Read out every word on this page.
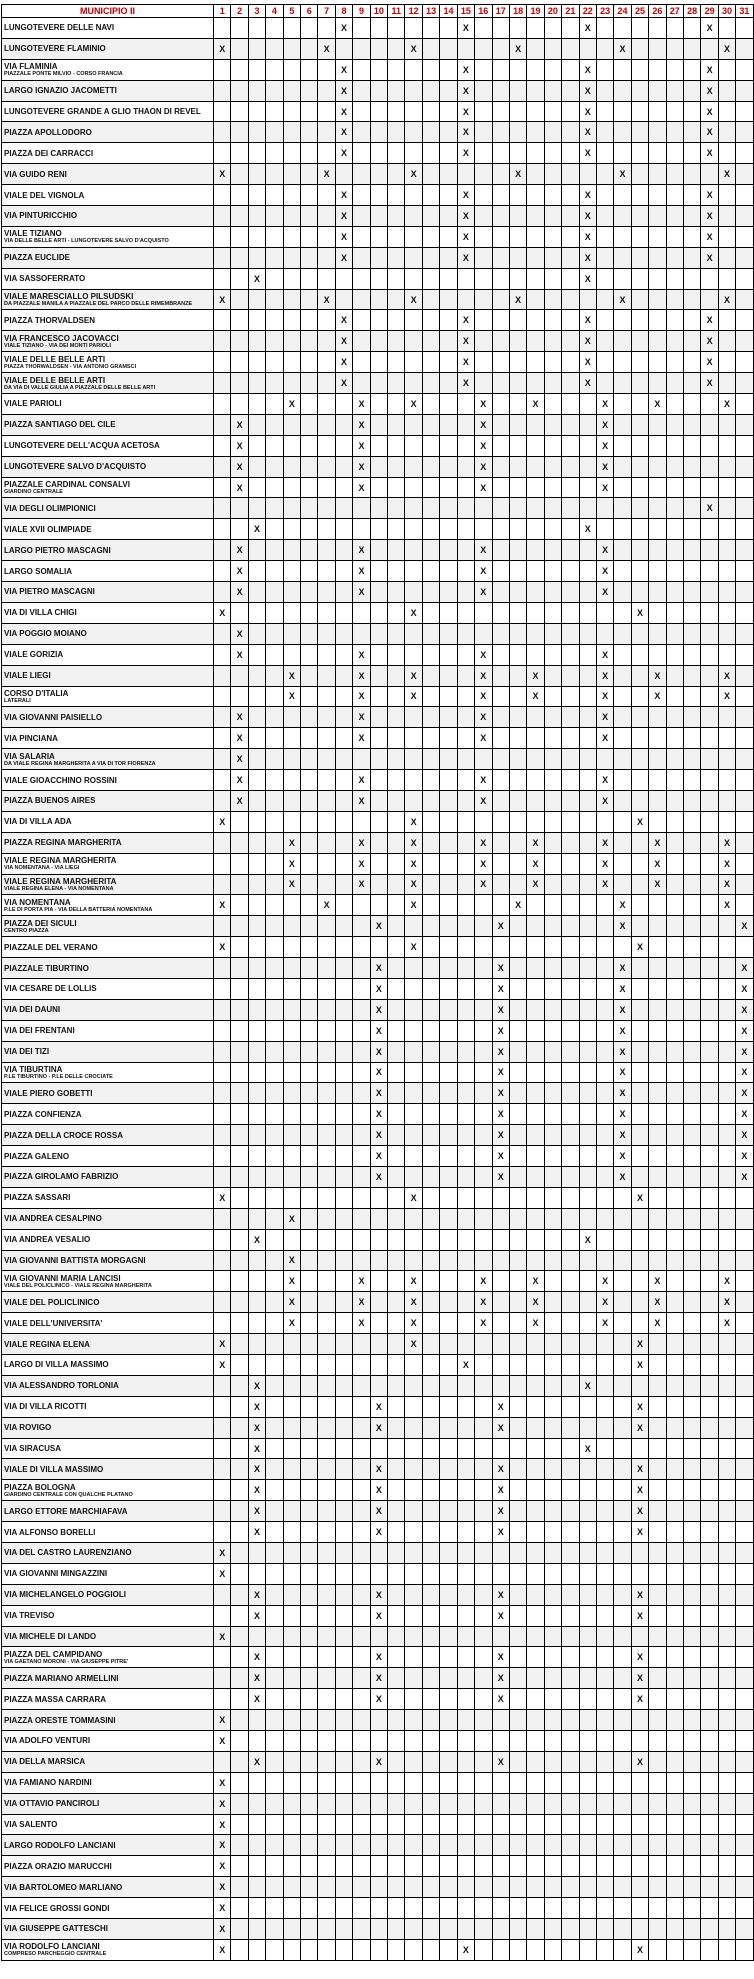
MUNICIPIO II	1	2	3	4	5	6	7	8	9	10	11	12	13	14	15	16	17	18	19	20	21	22	23	24	25	26	27	28	29	30	31
LUNGOTEVERE DELLE NAVI								X							X							X							X		
LUNGOTEVERE FLAMINIO	X						X					X						X						X						X	
VIA FLAMINIA
PIAZZALE PONTE MILVIO - CORSO FRANCIA								X							X							X							X		
LARGO IGNAZIO JACOMETTI								X							X							X							X		
LUNGOTEVERE GRANDE A GLIO THAON DI REVEL								X							X							X							X		
PIAZZA APOLLODORO								X							X							X							X		
PIAZZA DEI CARRACCI								X							X							X							X		
VIA GUIDO RENI	X						X					X						X						X						X	
VIALE DEL VIGNOLA								X							X							X							X		
VIA PINTURICCHIO								X							X							X							X		
VIALE TIZIANO
VIA DELLE BELLE ARTI - LUNGOTEVERE SALVO D'ACQUISTO								X							X							X							X		
PIAZZA EUCLIDE								X							X							X							X		
VIA SASSOFERRATO			X																			X									
VIALE MARESCIALLO PILSUDSKI
DA PIAZZALE MANILA A PIAZZALE DEL PARCO DELLE RIMEMBRANZE	X						X					X						X						X						X	
PIAZZA THORVALDSEN								X							X							X							X		
VIA FRANCESCO JACOVACCI
VIALE TIZIANO - VIA DEI MONTI PARIOLI								X							X							X							X		
VIALE DELLE BELLE ARTI
PIAZZA THORWALDSEN - VIA ANTONIO GRAMSCI								X							X							X							X		
VIALE DELLE BELLE ARTI
DA VIA DI VALLE GIULIA A PIAZZALE DELLE BELLE ARTI								X							X							X							X		
VIALE PARIOLI					X				X			X				X			X				X			X				X	
PIAZZA SANTIAGO DEL CILE		X							X							X							X								
LUNGOTEVERE DELL'ACQUA ACETOSA		X							X							X							X								
LUNGOTEVERE SALVO D'ACQUISTO		X							X							X							X								
PIAZZALE CARDINAL CONSALVI
GIARDINO CENTRALE		X							X							X							X								
VIA DEGLI OLIMPIONICI																													X		
VIALE XVII OLIMPIADE			X																			X									
LARGO PIETRO MASCAGNI		X							X							X							X								
LARGO SOMALIA		X							X							X							X								
VIA PIETRO MASCAGNI		X							X							X							X								
VIA DI VILLA CHIGI	X											X													X						
VIA POGGIO MOIANO		X																													
VIALE GORIZIA		X							X							X							X								
VIALE LIEGI					X				X			X				X			X				X			X				X	
CORSO D'ITALIA
LATERALI					X				X			X				X			X				X			X				X	
VIA GIOVANNI PAISIELLO		X							X							X							X								
VIA PINCIANA		X							X							X							X								
VIA SALARIA
DA VIALE REGINA MARGHERITA A VIA DI TOR FIORENZA		X																													
VIALE GIOACCHINO ROSSINI		X							X							X							X								
PIAZZA BUENOS AIRES		X							X							X							X								
VIA DI VILLA ADA	X											X													X						
PIAZZA REGINA MARGHERITA					X				X			X				X			X				X			X				X	
VIALE REGINA MARGHERITA
VIA NOMENTANA - VIA LIEGI					X				X			X				X			X				X			X				X	
VIALE REGINA MARGHERITA
VIALE REGINA ELENA - VIA NOMENTANA					X				X			X				X			X				X			X				X	
VIA NOMENTANA
P.LE DI PORTA PIA - VIA DELLA BATTERIA NOMENTANA	X						X					X						X						X						X	
PIAZZA DEI SICULI
CENTRO PIAZZA										X							X							X							X
PIAZZALE DEL VERANO	X											X													X						
PIAZZALE TIBURTINO										X							X							X							X
VIA CESARE DE LOLLIS										X							X							X							X
VIA DEI DAUNI										X							X							X							X
VIA DEI FRENTANI										X							X							X							X
VIA DEI TIZI										X							X							X							X
VIA TIBURTINA
P.LE TIBURTINO - P.LE DELLE CROCIATE										X							X							X							X
VIALE PIERO GOBETTI										X							X							X							X
PIAZZA CONFIENZA										X							X							X							X
PIAZZA DELLA CROCE ROSSA										X							X							X							X
PIAZZA GALENO										X							X							X							X
PIAZZA GIROLAMO FABRIZIO										X							X							X							X
PIAZZA SASSARI	X											X													X						
VIA ANDREA CESALPINO					X																										
VIA ANDREA VESALIO			X																			X									
VIA GIOVANNI BATTISTA MORGAGNI					X																										
VIA GIOVANNI MARIA LANCISI
VIALE DEL POLICLINICO - VIALE REGINA MARGHERITA					X				X			X				X			X				X			X				X	
VIALE DEL POLICLINICO					X				X			X				X			X				X			X				X	
VIALE DELL'UNIVERSITA'					X				X			X				X			X				X			X				X	
VIALE REGINA ELENA	X											X													X						
LARGO DI VILLA MASSIMO	X														X										X						
VIA ALESSANDRO TORLONIA			X																			X									
VIA DI VILLA RICOTTI			X							X							X								X						
VIA ROVIGO			X							X							X								X						
VIA SIRACUSA			X																			X									
VIALE DI VILLA MASSIMO			X							X							X								X						
PIAZZA BOLOGNA
GIARDINO CENTRALE CON QUALCHE PLATANO			X							X							X								X						
LARGO ETTORE MARCHIAFAVA			X							X							X								X						
VIA ALFONSO BORELLI			X							X							X								X						
VIA DEL CASTRO LAURENZIANO	X																														
VIA GIOVANNI MINGAZZINI	X																														
VIA MICHELANGELO POGGIOLI			X							X							X								X						
VIA TREVISO			X							X							X								X						
VIA MICHELE DI LANDO	X																														
PIAZZA DEL CAMPIDANO
VIA GAETANO MORONI - VIA GIUSEPPE PITRE'			X							X							X								X						
PIAZZA MARIANO ARMELLINI			X							X							X								X						
PIAZZA MASSA CARRARA			X							X							X								X						
PIAZZA ORESTE TOMMASINI	X																														
VIA ADOLFO VENTURI	X																														
VIA DELLA MARSICA			X							X							X								X						
VIA FAMIANO NARDINI	X																														
VIA OTTAVIO PANCIROLI	X																														
VIA SALENTO	X																														
LARGO RODOLFO LANCIANI	X																														
PIAZZA ORAZIO MARUCCHI	X																														
VIA BARTOLOMEO MARLIANO	X																														
VIA FELICE GROSSI GONDI	X																														
VIA GIUSEPPE GATTESCHI	X																														
VIA RODOLFO LANCIANI
COMPRESO PARCHEGGIO CENTRALE	X														X										X						
